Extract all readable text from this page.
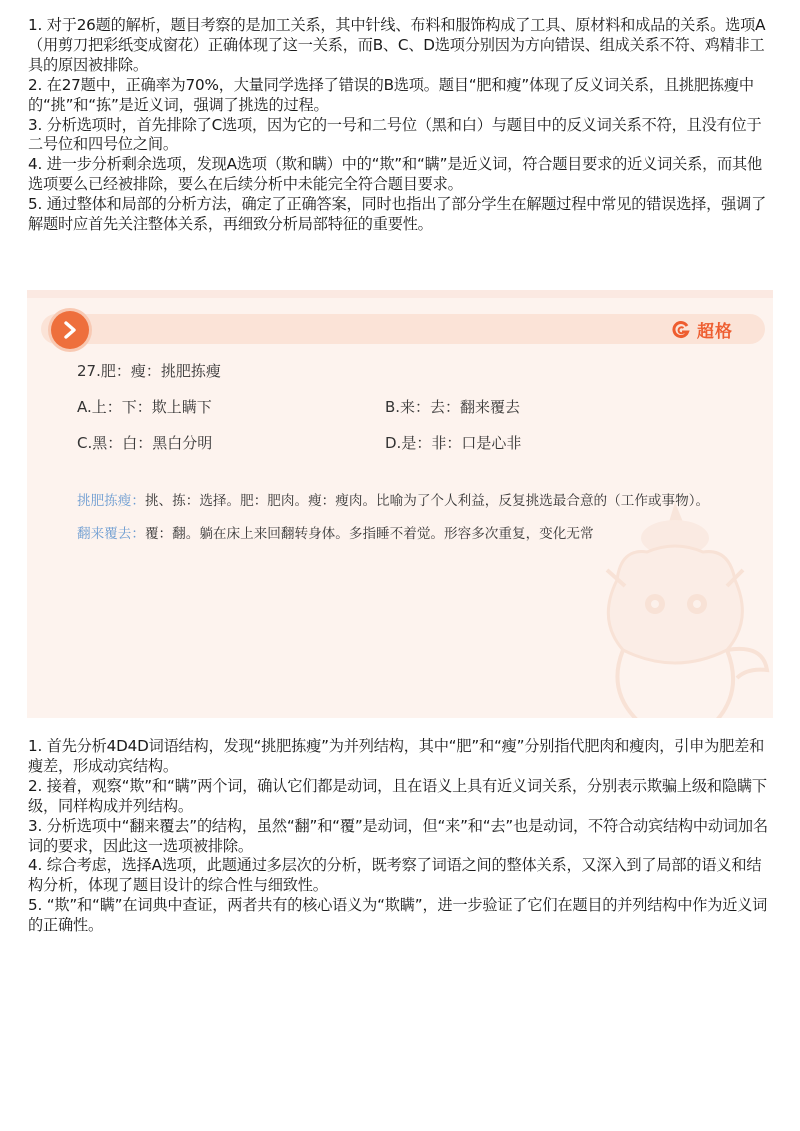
1. 对于26题的解析，题目考察的是加工关系，其中针线、布料和服饰构成了工具、原材料和成品的关系。选项A（用剪刀把彩纸变成窗花）正确体现了这一关系，而B、C、D选项分别因为方向错误、组成关系不符、鸡精非工具的原因被排除。

2. 在27题中，正确率为70%，大量同学选择了错误的B选项。题目“肥和瘦”体现了反义词关系，且挑肥拣瘦中的“挑”和“拣”是近义词，强调了挑选的过程。

3. 分析选项时，首先排除了C选项，因为它的一号和二号位（黑和白）与题目中的反义词关系不符，且没有位于二号位和四号位之间。

4. 进一步分析剩余选项，发现A选项（欺和瞒）中的“欺”和“瞒”是近义词，符合题目要求的近义词关系，而其他选项要么已经被排除，要么在后续分析中未能完全符合题目要求。

5. 通过整体和局部的分析方法，确定了正确答案，同时也指出了部分学生在解题过程中常见的错误选择，强调了解题时应首先关注整体关系，再细致分析局部特征的重要性。

超格
27.肥：瘦：挑肥拣瘦
A.上：下：欺上瞒下	B.来：去：翻来覆去
C.黑：白：黑白分明	D.是：非：口是心非
挑肥拣瘦：挑、拣：选择。肥：肥肉。瘦：瘦肉。比喻为了个人利益，反复挑选最合意的（工作或事物）。
翻来覆去：覆：翻。躺在床上来回翻转身体。多指睡不着觉。形容多次重复，变化无常

1. 首先分析4D4D词语结构，发现“挑肥拣瘦”为并列结构，其中“肥”和“瘦”分别指代肥肉和瘦肉，引申为肥差和瘦差，形成动宾结构。

2. 接着，观察“欺”和“瞒”两个词，确认它们都是动词，且在语义上具有近义词关系，分别表示欺骗上级和隐瞒下级，同样构成并列结构。

3. 分析选项中“翻来覆去”的结构，虽然“翻”和“覆”是动词，但“来”和“去”也是动词，不符合动宾结构中动词加名词的要求，因此这一选项被排除。

4. 综合考虑，选择A选项，此题通过多层次的分析，既考察了词语之间的整体关系，又深入到了局部的语义和结构分析，体现了题目设计的综合性与细致性。

5. “欺”和“瞒”在词典中查证，两者共有的核心语义为“欺瞒”，进一步验证了它们在题目的并列结构中作为近义词的正确性。
